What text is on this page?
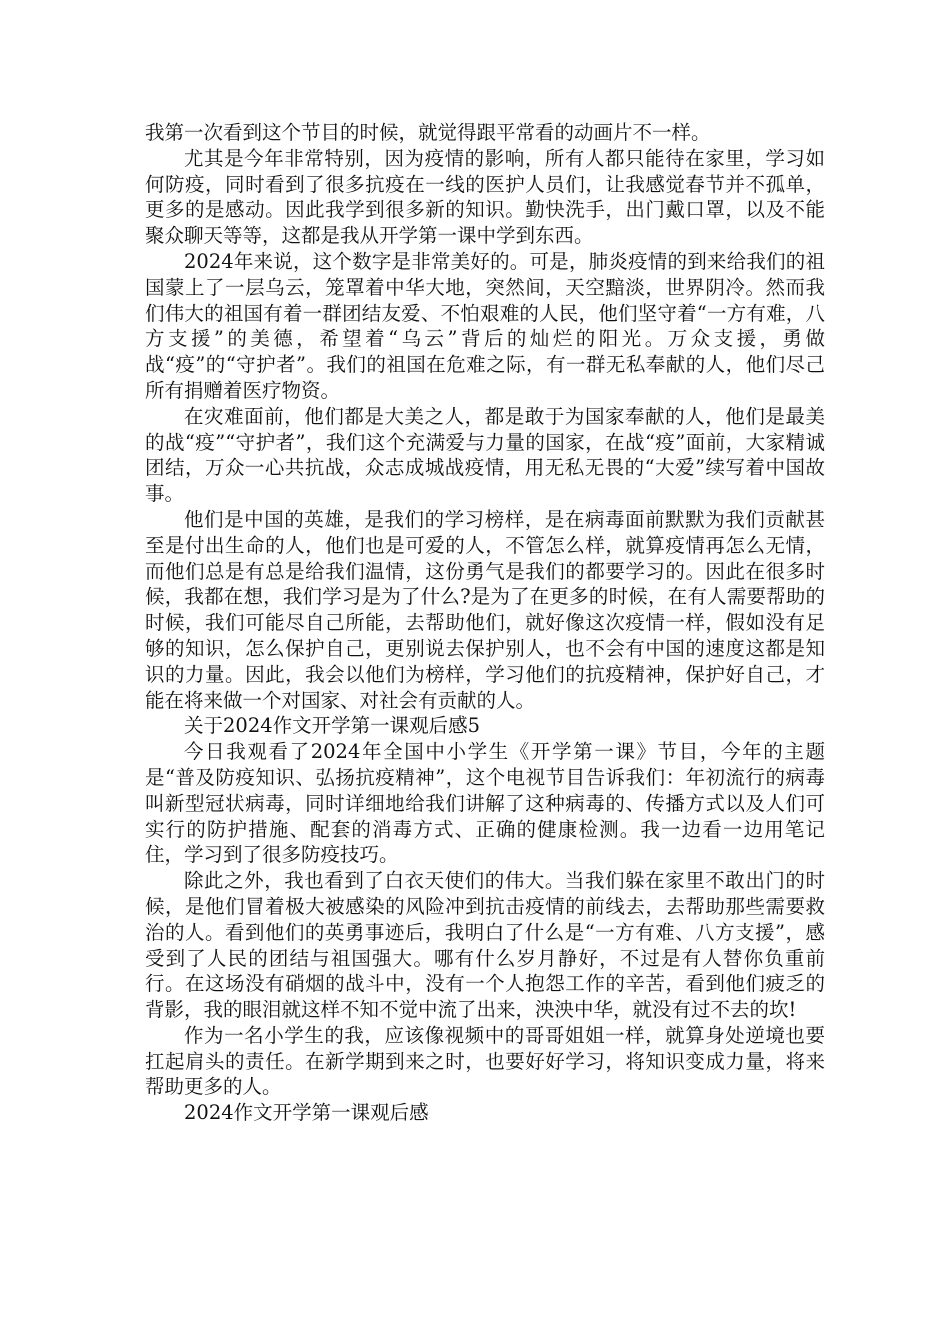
我第一次看到这个节目的时候，就觉得跟平常看的动画片不一样。

尤其是今年非常特别，因为疫情的影响，所有人都只能待在家里，学习如何防疫，同时看到了很多抗疫在一线的医护人员们，让我感觉春节并不孤单，更多的是感动。因此我学到很多新的知识。勤快洗手，出门戴口罩，以及不能聚众聊天等等，这都是我从开学第一课中学到东西。

2024年来说，这个数字是非常美好的。可是，肺炎疫情的到来给我们的祖国蒙上了一层乌云，笼罩着中华大地，突然间，天空黯淡，世界阴冷。然而我们伟大的祖国有着一群团结友爱、不怕艰难的人民，他们坚守着“一方有难，八方支援”的美德，希望着“乌云”背后的灿烂的阳光。万众支援，勇做战“疫”的“守护者”。我们的祖国在危难之际，有一群无私奉献的人，他们尽己所有捐赠着医疗物资。

在灾难面前，他们都是大美之人，都是敢于为国家奉献的人，他们是最美的战“疫”“守护者”，我们这个充满爱与力量的国家，在战“疫”面前，大家精诚团结，万众一心共抗战，众志成城战疫情，用无私无畏的“大爱”续写着中国故事。

他们是中国的英雄，是我们的学习榜样，是在病毒面前默默为我们贡献甚至是付出生命的人，他们也是可爱的人，不管怎么样，就算疫情再怎么无情，而他们总是有总是给我们温情，这份勇气是我们的都要学习的。因此在很多时候，我都在想，我们学习是为了什么?是为了在更多的时候，在有人需要帮助的时候，我们可能尽自己所能，去帮助他们，就好像这次疫情一样，假如没有足够的知识，怎么保护自己，更别说去保护别人，也不会有中国的速度这都是知识的力量。因此，我会以他们为榜样，学习他们的抗疫精神，保护好自己，才能在将来做一个对国家、对社会有贡献的人。

关于2024作文开学第一课观后感5

今日我观看了2024年全国中小学生《开学第一课》节目，今年的主题是“普及防疫知识、弘扬抗疫精神”，这个电视节目告诉我们：年初流行的病毒叫新型冠状病毒，同时详细地给我们讲解了这种病毒的、传播方式以及人们可实行的防护措施、配套的消毒方式、正确的健康检测。我一边看一边用笔记住，学习到了很多防疫技巧。

除此之外，我也看到了白衣天使们的伟大。当我们躲在家里不敢出门的时候，是他们冒着极大被感染的风险冲到抗击疫情的前线去，去帮助那些需要救治的人。看到他们的英勇事迹后，我明白了什么是“一方有难、八方支援”，感受到了人民的团结与祖国强大。哪有什么岁月静好，不过是有人替你负重前行。在这场没有硝烟的战斗中，没有一个人抱怨工作的辛苦，看到他们疲乏的背影，我的眼泪就这样不知不觉中流了出来，泱泱中华，就没有过不去的坎!

作为一名小学生的我，应该像视频中的哥哥姐姐一样，就算身处逆境也要扛起肩头的责任。在新学期到来之时，也要好好学习，将知识变成力量，将来帮助更多的人。

2024作文开学第一课观后感
